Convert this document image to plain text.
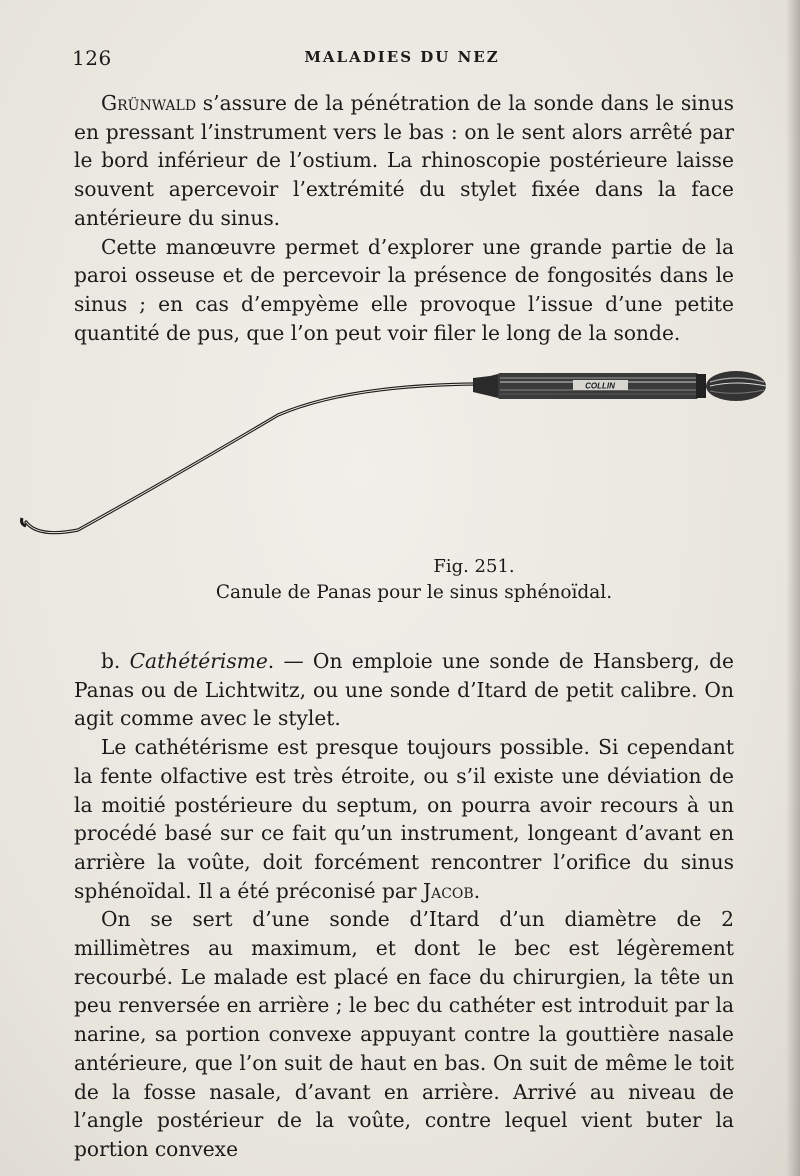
126	MALADIES DU NEZ

Grünwald s’assure de la pénétration de la sonde dans le sinus en pressant l’instrument vers le bas : on le sent alors arrêté par le bord inférieur de l’ostium. La rhinoscopie postérieure laisse souvent apercevoir l’extrémité du stylet fixée dans la face antérieure du sinus.

Cette manœuvre permet d’explorer une grande partie de la paroi osseuse et de percevoir la présence de fongosités dans le sinus ; en cas d’empyème elle provoque l’issue d’une petite quantité de pus, que l’on peut voir filer le long de la sonde.

COLLIN
Fig. 251.
Canule de Panas pour le sinus sphénoïdal.

b. Cathétérisme. — On emploie une sonde de Hansberg, de Panas ou de Lichtwitz, ou une sonde d’Itard de petit calibre. On agit comme avec le stylet.

Le cathétérisme est presque toujours possible. Si cependant la fente olfactive est très étroite, ou s’il existe une déviation de la moitié postérieure du septum, on pourra avoir recours à un procédé basé sur ce fait qu’un instrument, longeant d’avant en arrière la voûte, doit forcément rencontrer l’orifice du sinus sphénoïdal. Il a été préconisé par Jacob.

On se sert d’une sonde d’Itard d’un diamètre de 2 millimètres au maximum, et dont le bec est légèrement recourbé. Le malade est placé en face du chirurgien, la tête un peu renversée en arrière ; le bec du cathéter est introduit par la narine, sa portion convexe appuyant contre la gouttière nasale antérieure, que l’on suit de haut en bas. On suit de même le toit de la fosse nasale, d’avant en arrière. Arrivé au niveau de l’angle postérieur de la voûte, contre lequel vient buter la portion convexe
